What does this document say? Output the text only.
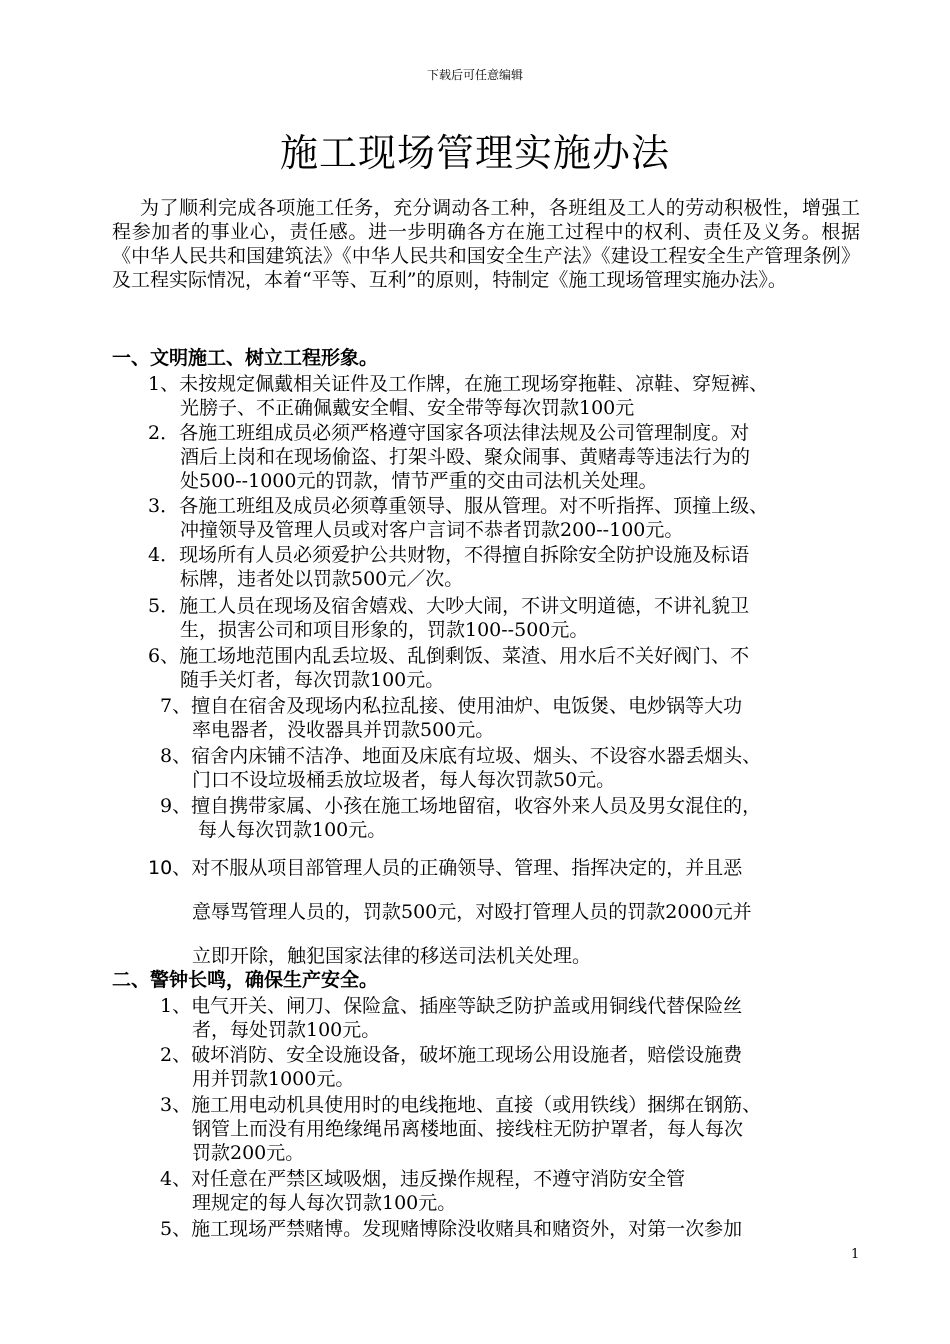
下载后可任意编辑
施工现场管理实施办法
为了顺利完成各项施工任务，充分调动各工种，各班组及工人的劳动积极性，增强工程参加者的事业心，责任感。进一步明确各方在施工过程中的权利、责任及义务。根据《中华人民共和国建筑法》《中华人民共和国安全生产法》《建设工程安全生产管理条例》及工程实际情况，本着“平等、互利”的原则，特制定《施工现场管理实施办法》。
一、文明施工、树立工程形象。
1、未按规定佩戴相关证件及工作牌，在施工现场穿拖鞋、凉鞋、穿短裤、
光膀子、不正确佩戴安全帽、安全带等每次罚款100元
2．各施工班组成员必须严格遵守国家各项法律法规及公司管理制度。对
酒后上岗和在现场偷盗、打架斗殴、聚众闹事、黄赌毒等违法行为的
处500--1000元的罚款，情节严重的交由司法机关处理。
3．各施工班组及成员必须尊重领导、服从管理。对不听指挥、顶撞上级、
冲撞领导及管理人员或对客户言词不恭者罚款200--100元。
4．现场所有人员必须爱护公共财物，不得擅自拆除安全防护设施及标语
标牌，违者处以罚款500元／次。
5．施工人员在现场及宿舍嬉戏、大吵大闹，不讲文明道德，不讲礼貌卫
生，损害公司和项目形象的，罚款100--500元。
6、施工场地范围内乱丢垃圾、乱倒剩饭、菜渣、用水后不关好阀门、不
随手关灯者，每次罚款100元。
7、擅自在宿舍及现场内私拉乱接、使用油炉、电饭煲、电炒锅等大功
率电器者，没收器具并罚款500元。
8、宿舍内床铺不洁净、地面及床底有垃圾、烟头、不设容水器丢烟头、
门口不设垃圾桶丢放垃圾者，每人每次罚款50元。
9、擅自携带家属、小孩在施工场地留宿，收容外来人员及男女混住的，
每人每次罚款100元。
10、对不服从项目部管理人员的正确领导、管理、指挥决定的，并且恶
意辱骂管理人员的，罚款500元，对殴打管理人员的罚款2000元并
立即开除，触犯国家法律的移送司法机关处理。
二、警钟长鸣，确保生产安全。
1、电气开关、闸刀、保险盒、插座等缺乏防护盖或用铜线代替保险丝
者，每处罚款100元。
2、破坏消防、安全设施设备，破坏施工现场公用设施者，赔偿设施费
用并罚款1000元。
3、施工用电动机具使用时的电线拖地、直接（或用铁线）捆绑在钢筋、
钢管上而没有用绝缘绳吊离楼地面、接线柱无防护罩者，每人每次
罚款200元。
4、对任意在严禁区域吸烟，违反操作规程，不遵守消防安全管
理规定的每人每次罚款100元。
5、施工现场严禁赌博。发现赌博除没收赌具和赌资外，对第一次参加
1
